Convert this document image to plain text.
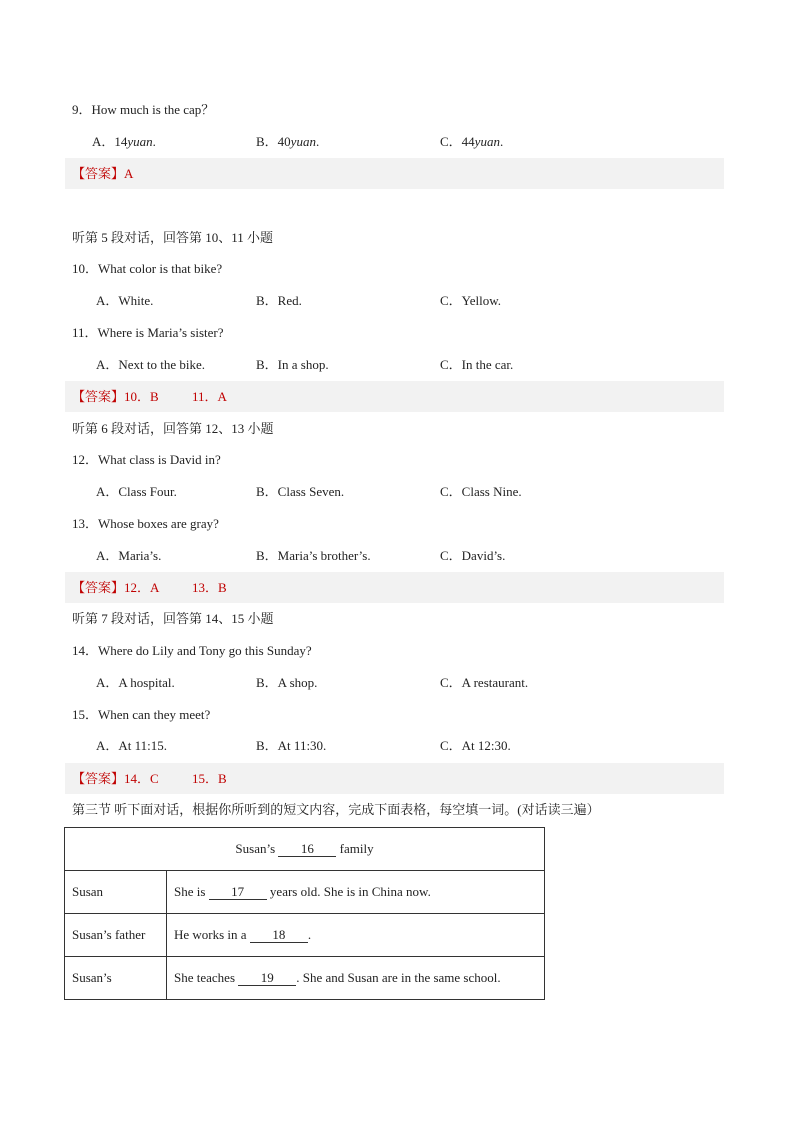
9．How much is the cap？
A．14yuan.	B．40yuan.	C．44yuan.
【答案】A
听第 5 段对话，回答第 10、11 小题
10．What color is that bike?
A．White.	B．Red.	C．Yellow.
11．Where is Maria’s sister?
A．Next to the bike.	B．In a shop.	C．In the car.
【答案】10．B	11．A
听第 6 段对话，回答第 12、13 小题
12．What class is David in?
A．Class Four.	B．Class Seven.	C．Class Nine.
13．Whose boxes are gray?
A．Maria’s.	B．Maria’s brother’s.	C．David’s.
【答案】12．A	13．B
听第 7 段对话，回答第 14、15 小题
14．Where do Lily and Tony go this Sunday?
A．A hospital.	B．A shop.	C．A restaurant.
15．When can they meet?
A．At 11:15.	B．At 11:30.	C．At 12:30.
【答案】14．C	15．B
第三节 听下面对话，根据你所听到的短文内容，完成下面表格，每空填一词。(对话读三遍）
Susan’s 16 family	
Susan	She is 17 years old. She is in China now.
Susan’s father	He works in a 18 .
Susan’s	She teaches 19 . She and Susan are in the same school.
